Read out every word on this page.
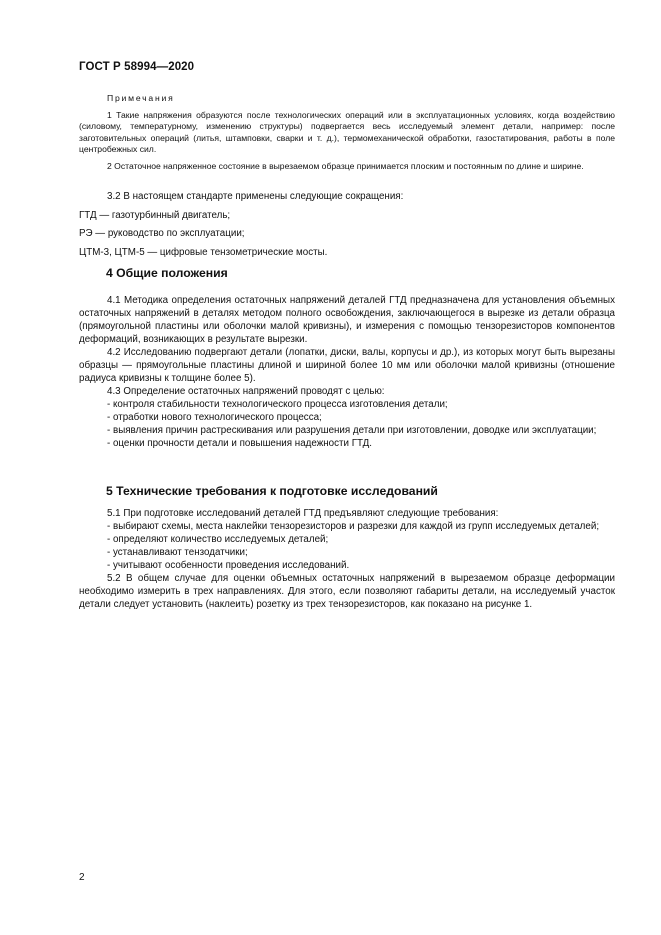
ГОСТ Р 58994—2020
Примечания

1 Такие напряжения образуются после технологических операций или в эксплуатационных условиях, когда воздействию (силовому, температурному, изменению структуры) подвергается весь исследуемый элемент детали, например: после заготовительных операций (литья, штамповки, сварки и т. д.), термомеханической обработки, газостатирования, работы в поле центробежных сил.

2 Остаточное напряженное состояние в вырезаемом образце принимается плоским и постоянным по длине и ширине.

3.2 В настоящем стандарте применены следующие сокращения:

ГТД — газотурбинный двигатель;

РЭ — руководство по эксплуатации;

ЦТМ-3, ЦТМ-5 — цифровые тензометрические мосты.

4 Общие положения

4.1 Методика определения остаточных напряжений деталей ГТД предназначена для установления объемных остаточных напряжений в деталях методом полного освобождения, заключающегося в вырезке из детали образца (прямоугольной пластины или оболочки малой кривизны), и измерения с помощью тензорезисторов компонентов деформаций, возникающих в результате вырезки.

4.2 Исследованию подвергают детали (лопатки, диски, валы, корпусы и др.), из которых могут быть вырезаны образцы — прямоугольные пластины длиной и шириной более 10 мм или оболочки малой кривизны (отношение радиуса кривизны к толщине более 5).

4.3 Определение остаточных напряжений проводят с целью:

- контроля стабильности технологического процесса изготовления детали;

- отработки нового технологического процесса;

- выявления причин растрескивания или разрушения детали при изготовлении, доводке или эксплуатации;

- оценки прочности детали и повышения надежности ГТД.

5 Технические требования к подготовке исследований

5.1 При подготовке исследований деталей ГТД предъявляют следующие требования:

- выбирают схемы, места наклейки тензорезисторов и разрезки для каждой из групп исследуемых деталей;

- определяют количество исследуемых деталей;

- устанавливают тензодатчики;

- учитывают особенности проведения исследований.

5.2 В общем случае для оценки объемных остаточных напряжений в вырезаемом образце деформации необходимо измерить в трех направлениях. Для этого, если позволяют габариты детали, на исследуемый участок детали следует установить (наклеить) розетку из трех тензорезисторов, как показано на рисунке 1.

2
